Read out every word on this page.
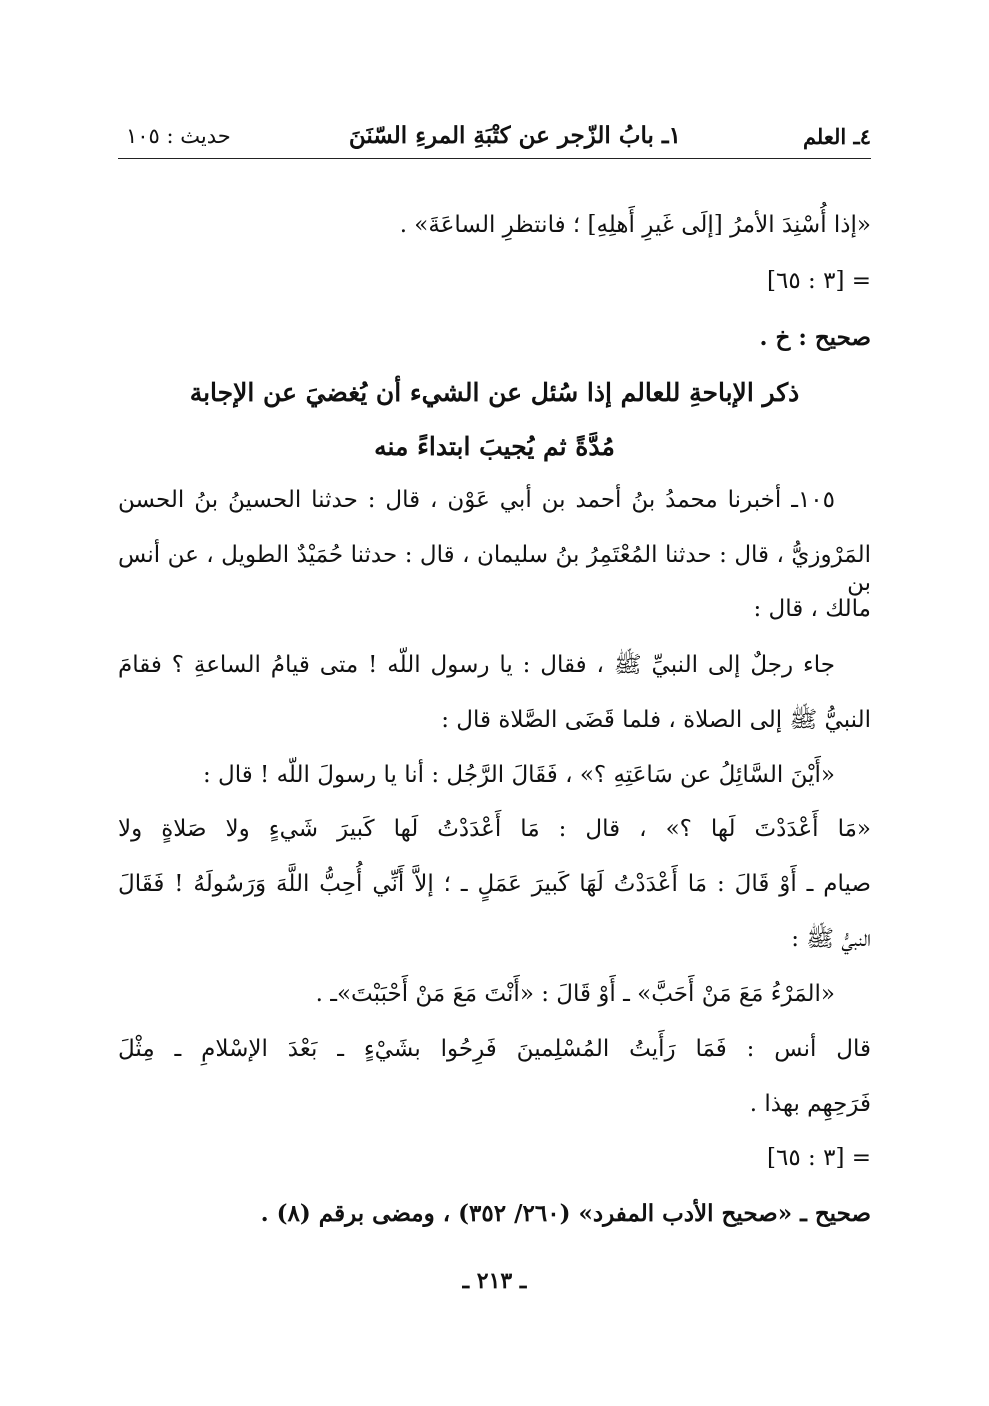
٤ـ العلم
١ـ بابُ الزّجر عن كتْبَةِ المرءِ السّنَنَ
حديث : ١٠٥
«إذا أُسْنِدَ الأمرُ [إلَى غَيرِ أَهلِهِ] ؛ فانتظرِ الساعَةَ» .
= [٣ : ٦٥]
صحيح : خ .
ذكر الإباحةِ للعالم إذا سُئل عن الشيء أن يُغضيَ عن الإجابة
مُدَّةً ثم يُجيبَ ابتداءً منه
١٠٥ـ أخبرنا محمدُ بنُ أحمد بن أبي عَوْن ، قال : حدثنا الحسينُ بنُ الحسن
المَرْوزيُّ ، قال : حدثنا المُعْتَمِرُ بنُ سليمان ، قال : حدثنا حُمَيْدٌ الطويل ، عن أنس بن
مالك ، قال :
جاء رجلٌ إلى النبيِّ ﷺ ، فقال : يا رسول اللّه ! متى قيامُ الساعةِ ؟ فقامَ
النبيُّ ﷺ إلى الصلاة ، فلما قَضَى الصَّلاة قال :
«أَيْنَ السَّائِلُ عن سَاعَتِهِ ؟» ، فَقَالَ الرَّجُل : أنا يا رسولَ اللّه ! قال :
«مَا أَعْدَدْتَ لَها ؟» ، قال : مَا أَعْدَدْتُ لَها كَبيرَ شَيءٍ ولا صَلاةٍ ولا
صيام ـ أَوْ قَالَ : مَا أَعْدَدْتُ لَهَا كَبيرَ عَمَلٍ ـ ؛ إلاَّ أَنِّي أُحِبُّ اللَّهَ وَرَسُولَهُ ! فَقَالَ
النبيُّ ﷺ :
«المَرْءُ مَعَ مَنْ أَحَبَّ» ـ أَوْ قَالَ : «أَنْتَ مَعَ مَنْ أَحْبَبْتَ»ـ .
قال أنس : فَمَا رَأَيتُ المُسْلِمينَ فَرِحُوا بشَيْءٍ ـ بَعْدَ الإسْلامِ ـ مِثْلَ
فَرَحِهِم بهذا .
= [٣ : ٦٥]
صحيح ـ «صحيح الأدب المفرد» (٢٦٠/ ٣٥٢) ، ومضى برقم (٨) .
ـ ٢١٣ ـ
